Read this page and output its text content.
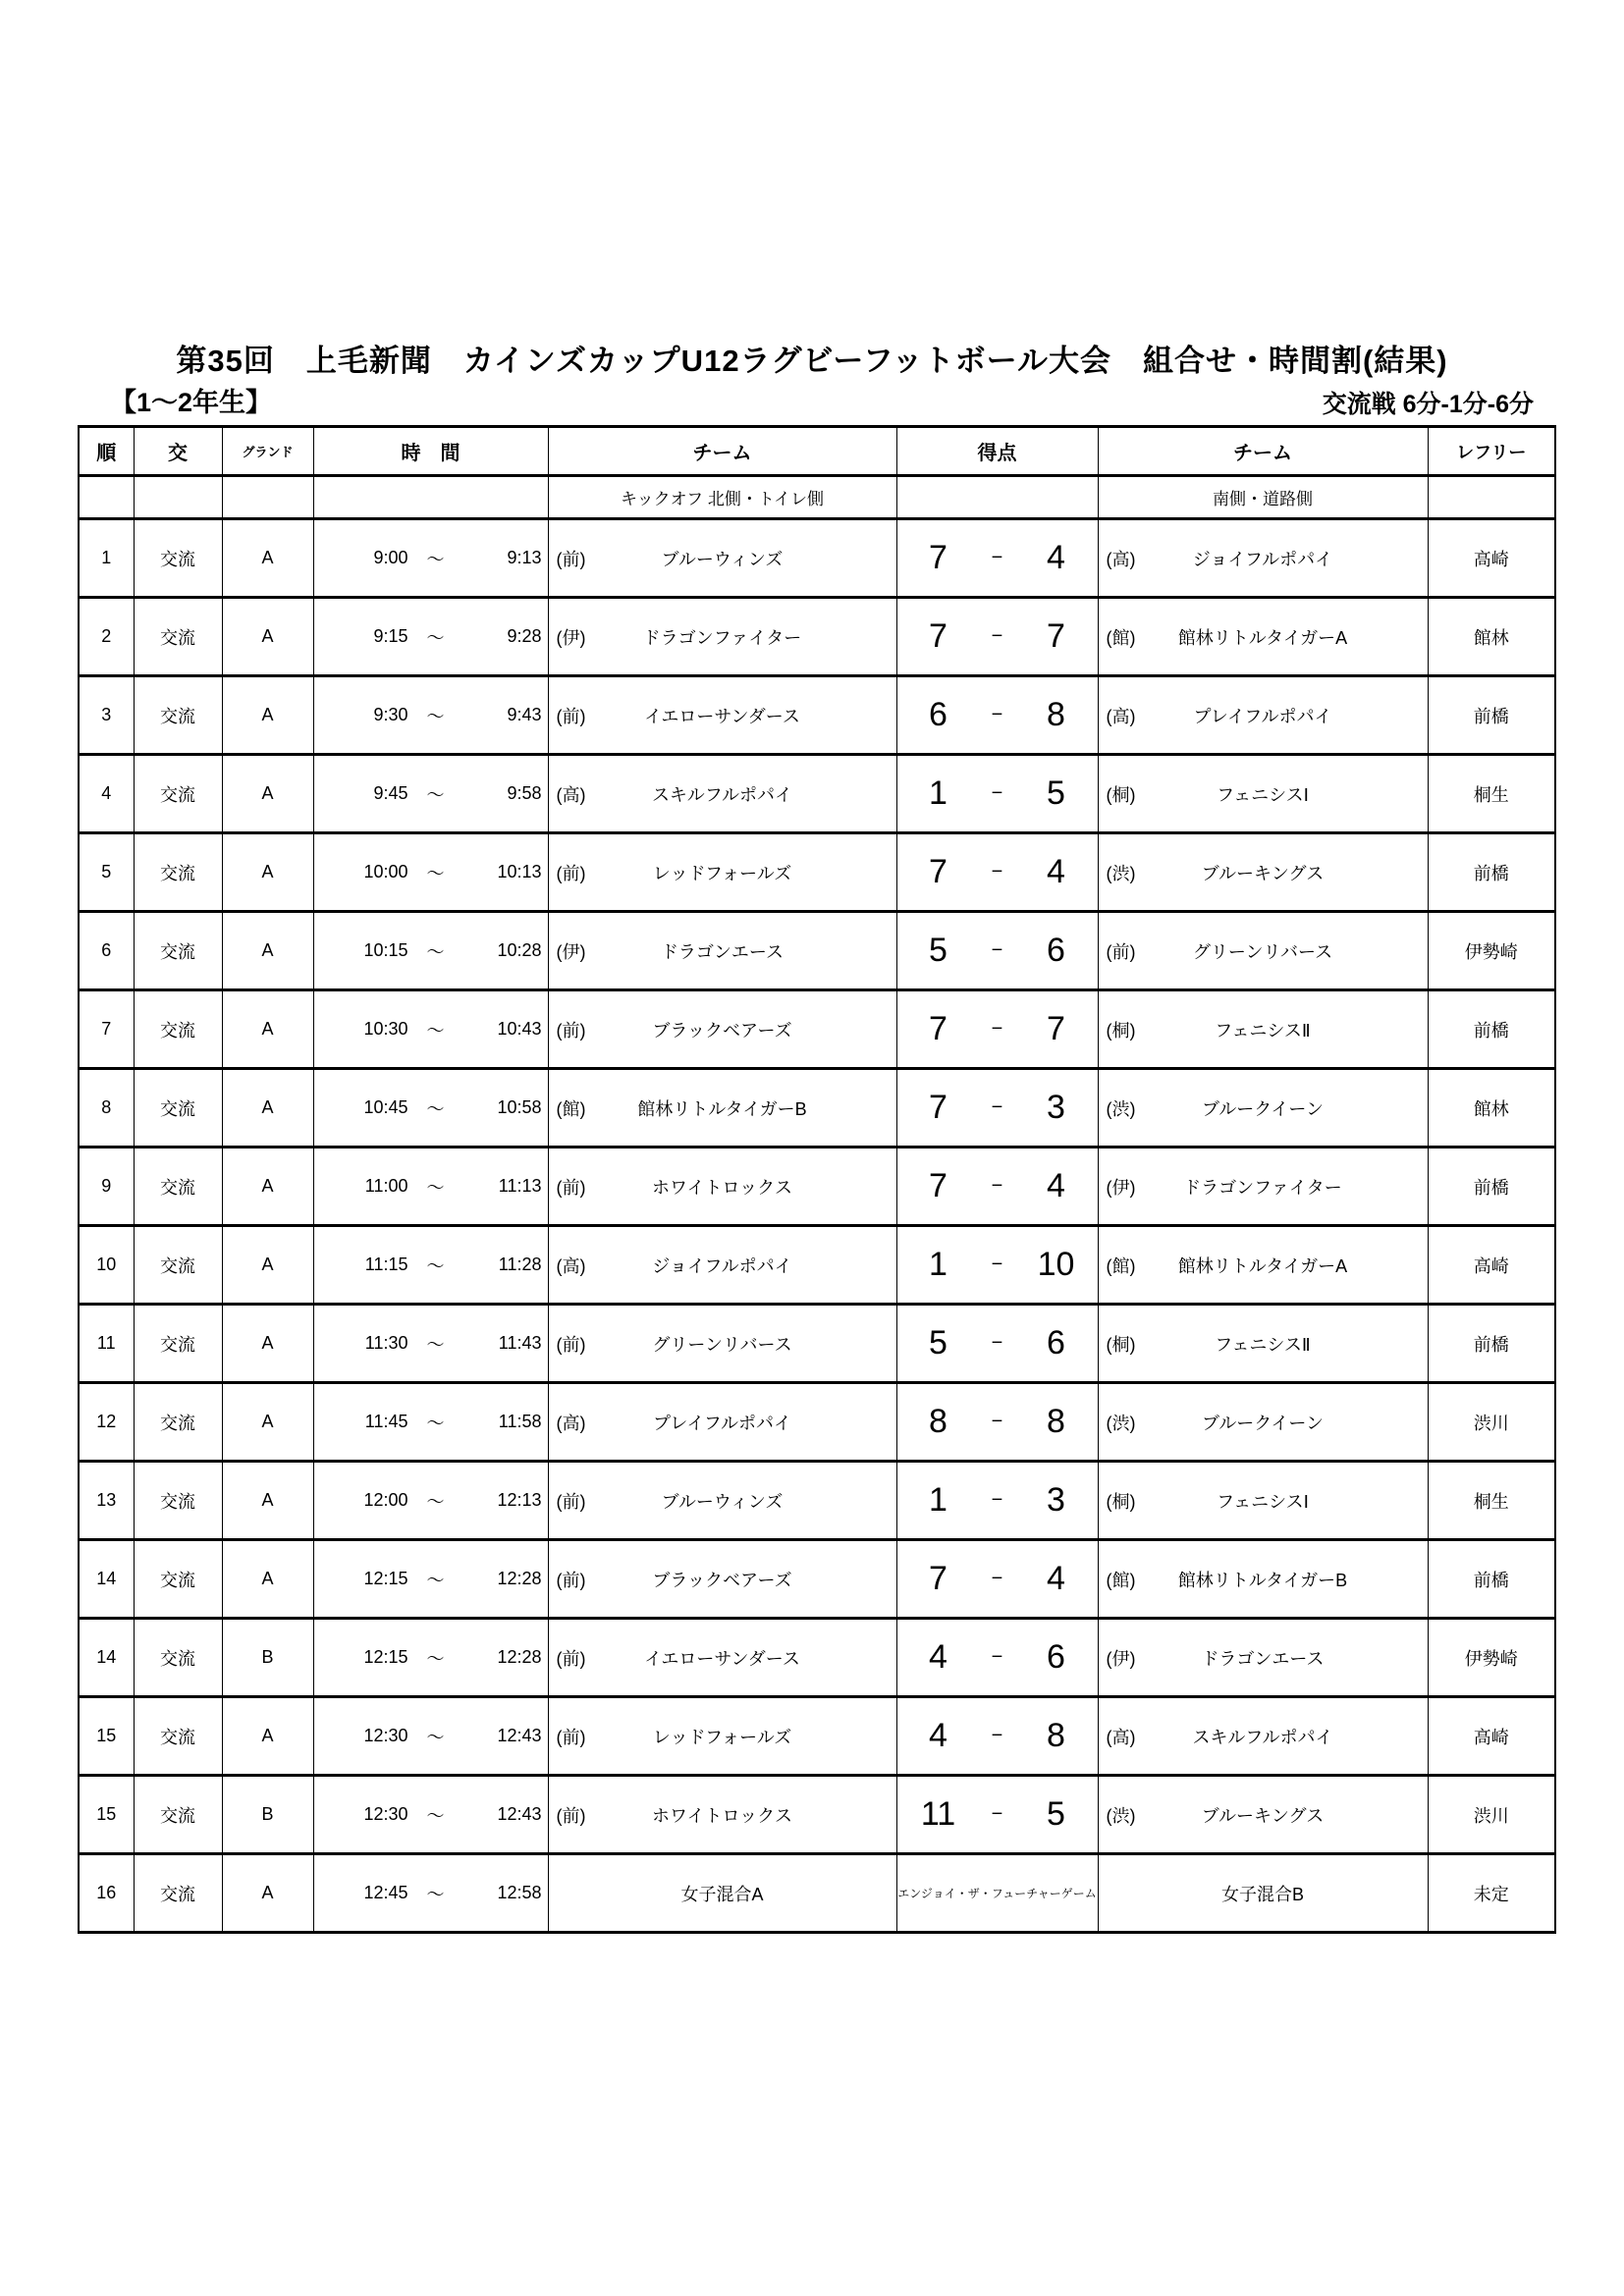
第35回　上毛新聞　カインズカップU12ラグビーフットボール大会　組合せ・時間割(結果)
【1～2年生】	交流戦 6分-1分-6分
順	交	グランド	時　間	チーム	得点	チーム	レフリー
				キックオフ 北側・トイレ側		南側・道路側	
1	交流	A	9:00 ～ 9:13	(前) ブルーウィンズ	7 − 4	(高) ジョイフルポパイ	高崎
2	交流	A	9:15 ～ 9:28	(伊) ドラゴンファイター	7 − 7	(館) 館林リトルタイガーA	館林
3	交流	A	9:30 ～ 9:43	(前) イエローサンダース	6 − 8	(高) プレイフルポパイ	前橋
4	交流	A	9:45 ～ 9:58	(高) スキルフルポパイ	1 − 5	(桐) フェニシスⅠ	桐生
5	交流	A	10:00 ～ 10:13	(前) レッドフォールズ	7 − 4	(渋) ブルーキングス	前橋
6	交流	A	10:15 ～ 10:28	(伊) ドラゴンエース	5 − 6	(前) グリーンリバース	伊勢崎
7	交流	A	10:30 ～ 10:43	(前) ブラックベアーズ	7 − 7	(桐) フェニシスⅡ	前橋
8	交流	A	10:45 ～ 10:58	(館) 館林リトルタイガーB	7 − 3	(渋) ブルークイーン	館林
9	交流	A	11:00 ～ 11:13	(前) ホワイトロックス	7 − 4	(伊) ドラゴンファイター	前橋
10	交流	A	11:15 ～ 11:28	(高) ジョイフルポパイ	1 − 10	(館) 館林リトルタイガーA	高崎
11	交流	A	11:30 ～ 11:43	(前) グリーンリバース	5 − 6	(桐) フェニシスⅡ	前橋
12	交流	A	11:45 ～ 11:58	(高) プレイフルポパイ	8 − 8	(渋) ブルークイーン	渋川
13	交流	A	12:00 ～ 12:13	(前) ブルーウィンズ	1 − 3	(桐) フェニシスⅠ	桐生
14	交流	A	12:15 ～ 12:28	(前) ブラックベアーズ	7 − 4	(館) 館林リトルタイガーB	前橋
14	交流	B	12:15 ～ 12:28	(前) イエローサンダース	4 − 6	(伊) ドラゴンエース	伊勢崎
15	交流	A	12:30 ～ 12:43	(前) レッドフォールズ	4 − 8	(高) スキルフルポパイ	高崎
15	交流	B	12:30 ～ 12:43	(前) ホワイトロックス	11 − 5	(渋) ブルーキングス	渋川
16	交流	A	12:45 ～ 12:58	女子混合A	エンジョイ・ザ・フューチャーゲーム	女子混合B	未定
